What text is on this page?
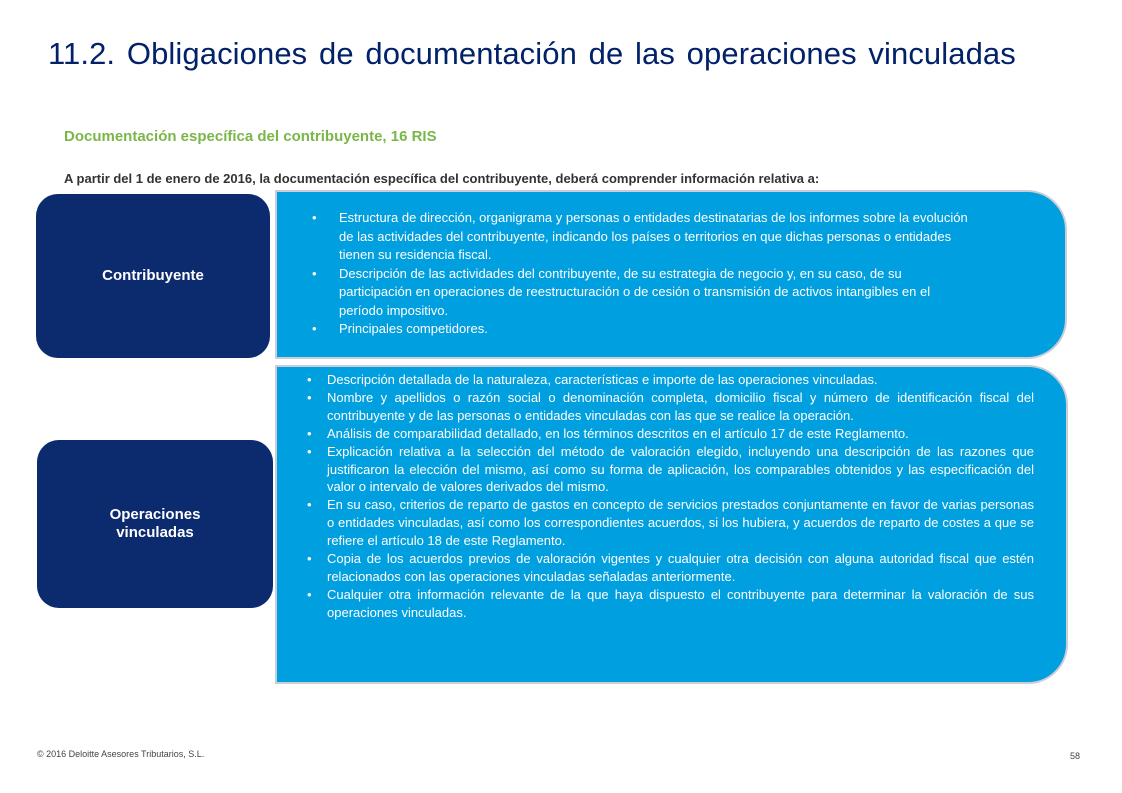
11.2. Obligaciones de documentación de las operaciones vinculadas
Documentación específica del contribuyente, 16 RIS
A partir del 1 de enero de 2016, la documentación específica del contribuyente, deberá comprender información relativa a:
Contribuyente
• Estructura de dirección, organigrama y personas o entidades destinatarias de los informes sobre la evolución de las actividades del contribuyente, indicando los países o territorios en que dichas personas o entidades tienen su residencia fiscal.
• Descripción de las actividades del contribuyente, de su estrategia de negocio y, en su caso, de su participación en operaciones de reestructuración o de cesión o transmisión de activos intangibles en el período impositivo.
• Principales competidores.
Operaciones
vinculadas
• Descripción detallada de la naturaleza, características e importe de las operaciones vinculadas.
• Nombre y apellidos o razón social o denominación completa, domicilio fiscal y número de identificación fiscal del contribuyente y de las personas o entidades vinculadas con las que se realice la operación.
• Análisis de comparabilidad detallado, en los términos descritos en el artículo 17 de este Reglamento.
• Explicación relativa a la selección del método de valoración elegido, incluyendo una descripción de las razones que justificaron la elección del mismo, así como su forma de aplicación, los comparables obtenidos y las especificación del valor o intervalo de valores derivados del mismo.
• En su caso, criterios de reparto de gastos en concepto de servicios prestados conjuntamente en favor de varias personas o entidades vinculadas, así como los correspondientes acuerdos, si los hubiera, y acuerdos de reparto de costes a que se refiere el artículo 18 de este Reglamento.
• Copia de los acuerdos previos de valoración vigentes y cualquier otra decisión con alguna autoridad fiscal que estén relacionados con las operaciones vinculadas señaladas anteriormente.
• Cualquier otra información relevante de la que haya dispuesto el contribuyente para determinar la valoración de sus operaciones vinculadas.
© 2016 Deloitte Asesores Tributarios, S.L.	58
